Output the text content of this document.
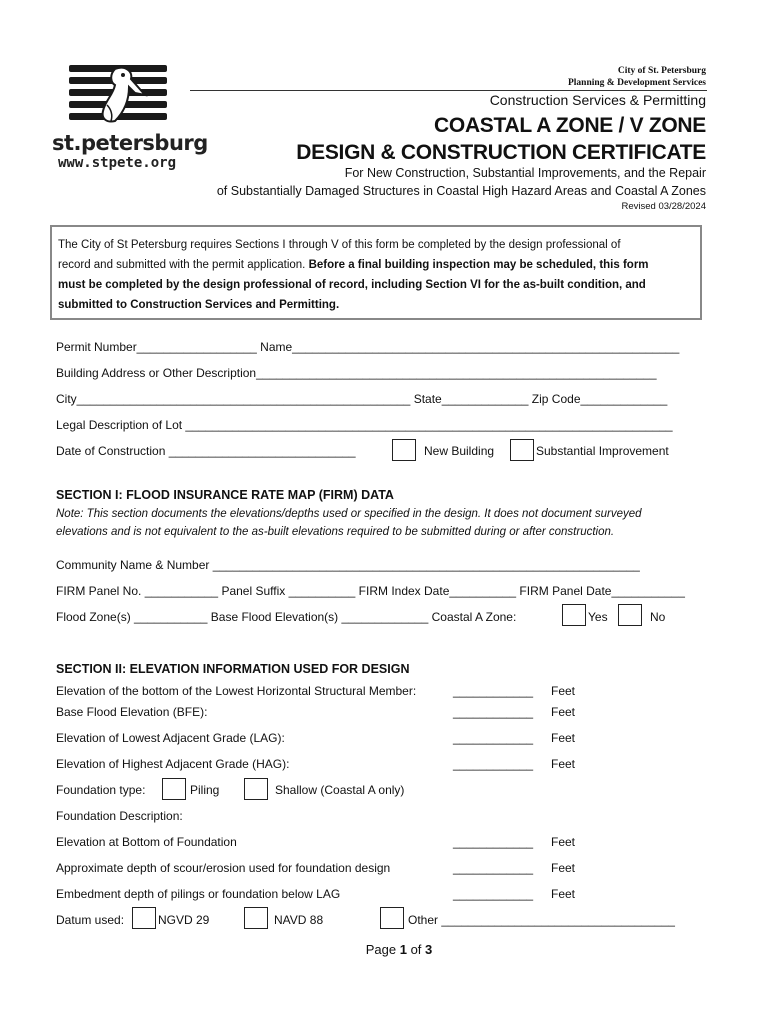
st.petersburg
www.stpete.org
City of St. Petersburg
Planning & Development Services
Construction Services & Permitting
COASTAL A ZONE / V ZONE
DESIGN & CONSTRUCTION CERTIFICATE
For New Construction, Substantial Improvements, and the Repair
of Substantially Damaged Structures in Coastal High Hazard Areas and Coastal A Zones
Revised 03/28/2024
The City of St Petersburg requires Sections I through V of this form be completed by the design professional of
record and submitted with the permit application. Before a final building inspection may be scheduled, this form
must be completed by the design professional of record, including Section VI for the as-built condition, and
submitted to Construction Services and Permitting.
Permit Number__________________ Name__________________________________________________________
Building Address or Other Description____________________________________________________________
City__________________________________________________ State_____________ Zip Code_____________
Legal Description of Lot _________________________________________________________________________
Date of Construction ____________________________	New Building	Substantial Improvement
SECTION I: FLOOD INSURANCE RATE MAP (FIRM) DATA
Note: This section documents the elevations/depths used or specified in the design. It does not document surveyed
elevations and is not equivalent to the as-built elevations required to be submitted during or after construction.
Community Name & Number ________________________________________________________________
FIRM Panel No. ___________ Panel Suffix __________ FIRM Index Date__________ FIRM Panel Date___________
Flood Zone(s) ___________ Base Flood Elevation(s) _____________ Coastal A Zone:	Yes	No
SECTION II: ELEVATION INFORMATION USED FOR DESIGN
Elevation of the bottom of the Lowest Horizontal Structural Member:	____________ Feet
Base Flood Elevation (BFE):	____________ Feet
Elevation of Lowest Adjacent Grade (LAG):	____________ Feet
Elevation of Highest Adjacent Grade (HAG):	____________ Feet
Foundation type:	Piling	Shallow (Coastal A only)
Foundation Description:
Elevation at Bottom of Foundation	____________ Feet
Approximate depth of scour/erosion used for foundation design	____________ Feet
Embedment depth of pilings or foundation below LAG	____________ Feet
Datum used:	NGVD 29	NAVD 88	Other ___________________________________
Page 1 of 3
